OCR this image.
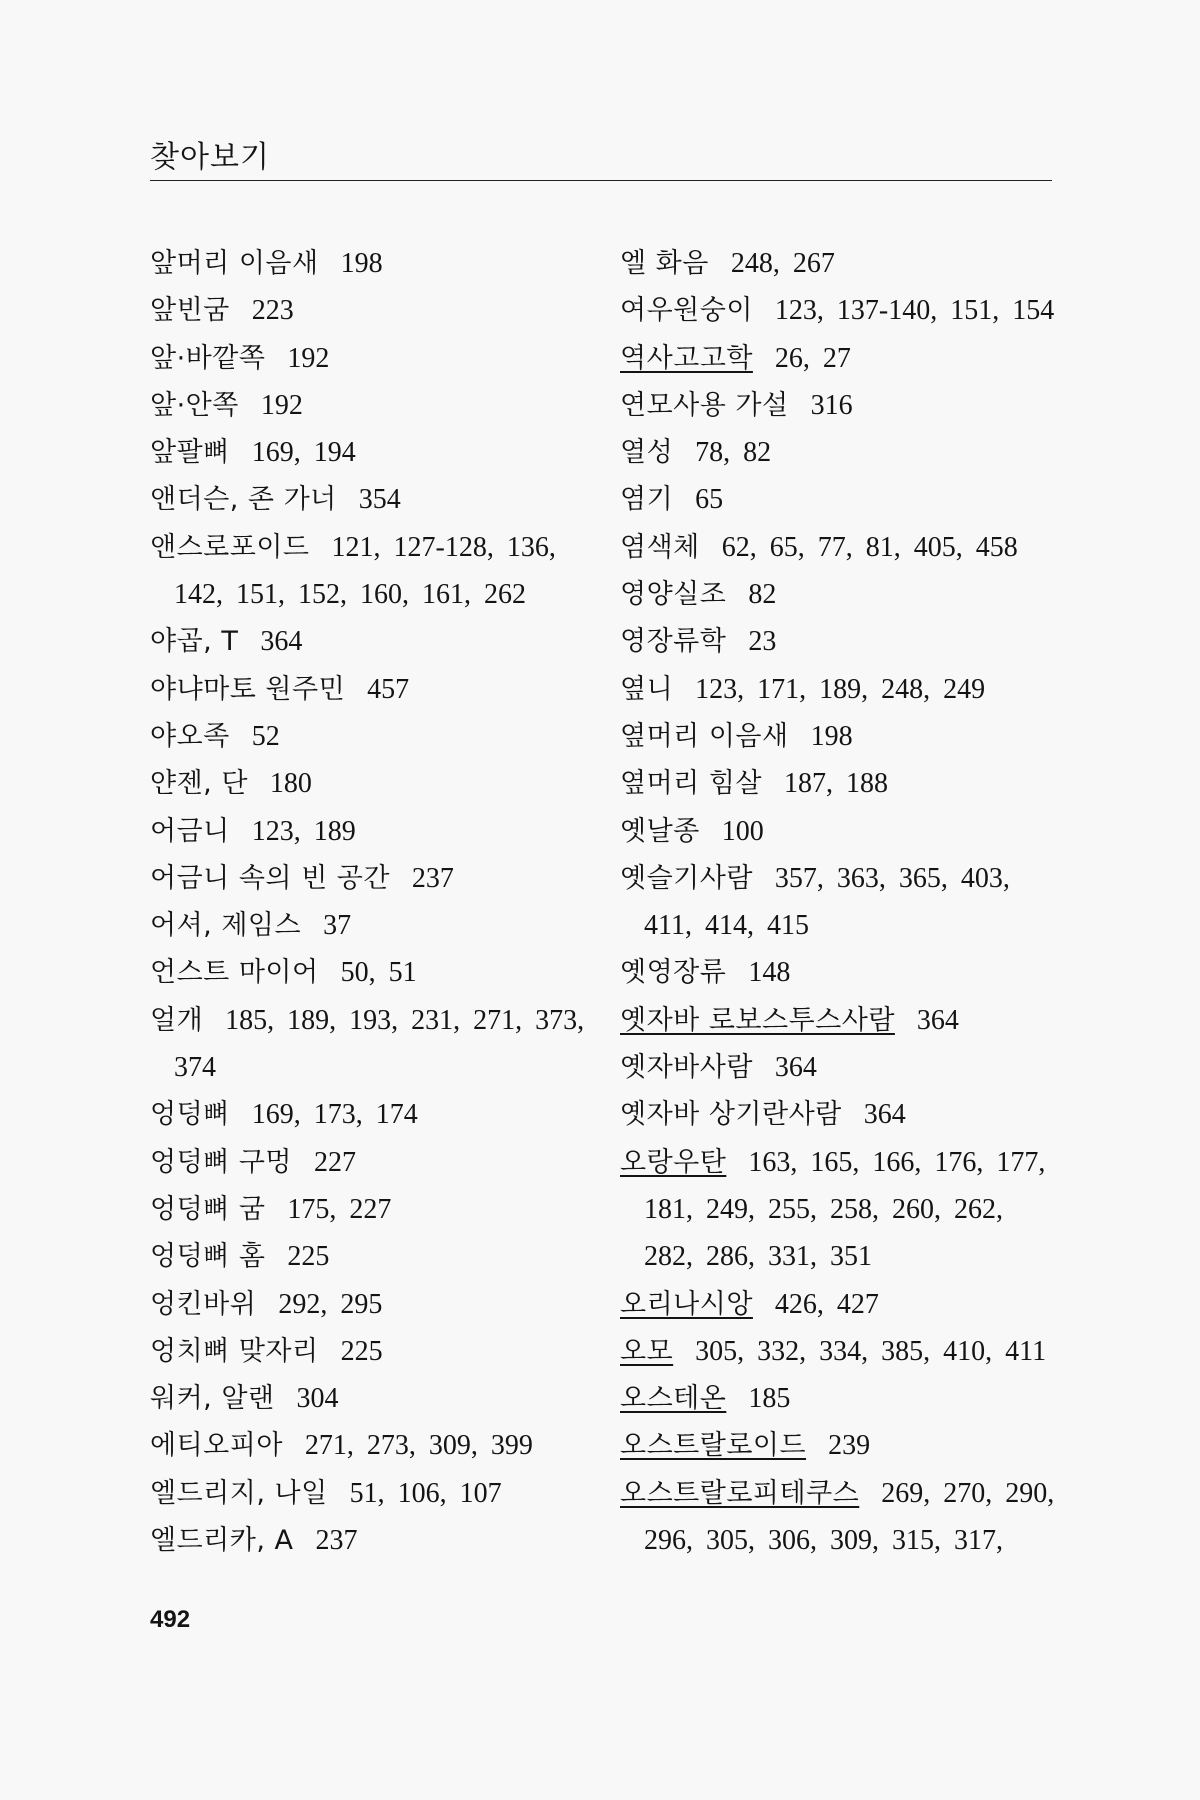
찾아보기
앞머리 이음새 198
앞빈굼 223
앞·바깥쪽 192
앞·안쪽 192
앞팔뼈 169, 194
앤더슨, 존 가너 354
앤스로포이드 121, 127-128, 136,
142, 151, 152, 160, 161, 262
야곱, T 364
야냐마토 원주민 457
야오족 52
얀젠, 단 180
어금니 123, 189
어금니 속의 빈 공간 237
어셔, 제임스 37
언스트 마이어 50, 51
얼개 185, 189, 193, 231, 271, 373,
374
엉덩뼈 169, 173, 174
엉덩뼈 구멍 227
엉덩뼈 굼 175, 227
엉덩뼈 홈 225
엉킨바위 292, 295
엉치뼈 맞자리 225
워커, 알랜 304
에티오피아 271, 273, 309, 399
엘드리지, 나일 51, 106, 107
엘드리카, A 237
엘 화음 248, 267
여우원숭이 123, 137-140, 151, 154
역사고고학 26, 27
연모사용 가설 316
열성 78, 82
염기 65
염색체 62, 65, 77, 81, 405, 458
영양실조 82
영장류학 23
옆니 123, 171, 189, 248, 249
옆머리 이음새 198
옆머리 힘살 187, 188
옛날종 100
옛슬기사람 357, 363, 365, 403,
411, 414, 415
옛영장류 148
옛자바 로보스투스사람 364
옛자바사람 364
옛자바 상기란사람 364
오랑우탄 163, 165, 166, 176, 177,
181, 249, 255, 258, 260, 262,
282, 286, 331, 351
오리나시앙 426, 427
오모 305, 332, 334, 385, 410, 411
오스테온 185
오스트랄로이드 239
오스트랄로피테쿠스 269, 270, 290,
296, 305, 306, 309, 315, 317,
492
